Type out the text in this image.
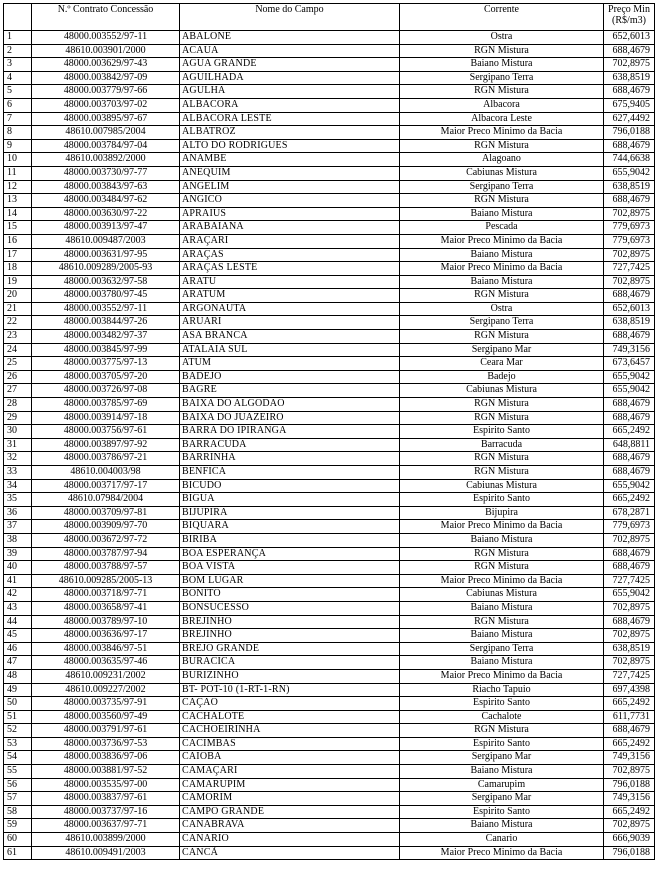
	N.º Contrato Concessão	Nome do Campo	Corrente	Preço Min
(R$/m3)
1	48000.003552/97-11	ABALONE	Ostra	652,6013
2	48610.003901/2000	ACAUA	RGN Mistura	688,4679
3	48000.003629/97-43	AGUA GRANDE	Baiano Mistura	702,8975
4	48000.003842/97-09	AGUILHADA	Sergipano Terra	638,8519
5	48000.003779/97-66	AGULHA	RGN Mistura	688,4679
6	48000.003703/97-02	ALBACORA	Albacora	675,9405
7	48000.003895/97-67	ALBACORA LESTE	Albacora Leste	627,4492
8	48610.007985/2004	ALBATROZ	Maior Preco Minimo da Bacia	796,0188
9	48000.003784/97-04	ALTO DO RODRIGUES	RGN Mistura	688,4679
10	48610.003892/2000	ANAMBE	Alagoano	744,6638
11	48000.003730/97-77	ANEQUIM	Cabiunas Mistura	655,9042
12	48000.003843/97-63	ANGELIM	Sergipano Terra	638,8519
13	48000.003484/97-62	ANGICO	RGN Mistura	688,4679
14	48000.003630/97-22	APRAIUS	Baiano Mistura	702,8975
15	48000.003913/97-47	ARABAIANA	Pescada	779,6973
16	48610.009487/2003	ARAÇARI	Maior Preco Minimo da Bacia	779,6973
17	48000.003631/97-95	ARAÇAS	Baiano Mistura	702,8975
18	48610.009289/2005-93	ARAÇAS LESTE	Maior Preco Minimo da Bacia	727,7425
19	48000.003632/97-58	ARATU	Baiano Mistura	702,8975
20	48000.003780/97-45	ARATUM	RGN Mistura	688,4679
21	48000.003552/97-11	ARGONAUTA	Ostra	652,6013
22	48000.003844/97-26	ARUARI	Sergipano Terra	638,8519
23	48000.003482/97-37	ASA BRANCA	RGN Mistura	688,4679
24	48000.003845/97-99	ATALAIA SUL	Sergipano Mar	749,3156
25	48000.003775/97-13	ATUM	Ceara Mar	673,6457
26	48000.003705/97-20	BADEJO	Badejo	655,9042
27	48000.003726/97-08	BAGRE	Cabiunas Mistura	655,9042
28	48000.003785/97-69	BAIXA DO ALGODAO	RGN Mistura	688,4679
29	48000.003914/97-18	BAIXA DO JUAZEIRO	RGN Mistura	688,4679
30	48000.003756/97-61	BARRA DO IPIRANGA	Espirito Santo	665,2492
31	48000.003897/97-92	BARRACUDA	Barracuda	648,8811
32	48000.003786/97-21	BARRINHA	RGN Mistura	688,4679
33	48610.004003/98	BENFICA	RGN Mistura	688,4679
34	48000.003717/97-17	BICUDO	Cabiunas Mistura	655,9042
35	48610.07984/2004	BIGUA	Espirito Santo	665,2492
36	48000.003709/97-81	BIJUPIRA	Bijupira	678,2871
37	48000.003909/97-70	BIQUARA	Maior Preco Minimo da Bacia	779,6973
38	48000.003672/97-72	BIRIBA	Baiano Mistura	702,8975
39	48000.003787/97-94	BOA ESPERANÇA	RGN Mistura	688,4679
40	48000.003788/97-57	BOA VISTA	RGN Mistura	688,4679
41	48610.009285/2005-13	BOM LUGAR	Maior Preco Minimo da Bacia	727,7425
42	48000.003718/97-71	BONITO	Cabiunas Mistura	655,9042
43	48000.003658/97-41	BONSUCESSO	Baiano Mistura	702,8975
44	48000.003789/97-10	BREJINHO	RGN Mistura	688,4679
45	48000.003636/97-17	BREJINHO	Baiano Mistura	702,8975
46	48000.003846/97-51	BREJO GRANDE	Sergipano Terra	638,8519
47	48000.003635/97-46	BURACICA	Baiano Mistura	702,8975
48	48610.009231/2002	BURIZINHO	Maior Preco Minimo da Bacia	727,7425
49	48610.009227/2002	BT- POT-10 (1-RT-1-RN)	Riacho Tapuio	697,4398
50	48000.003735/97-91	CAÇAO	Espirito Santo	665,2492
51	48000.003560/97-49	CACHALOTE	Cachalote	611,7731
52	48000.003791/97-61	CACHOEIRINHA	RGN Mistura	688,4679
53	48000.003736/97-53	CACIMBAS	Espirito Santo	665,2492
54	48000.003836/97-06	CAIOBA	Sergipano Mar	749,3156
55	48000.003881/97-52	CAMAÇARI	Baiano Mistura	702,8975
56	48000.003535/97-00	CAMARUPIM	Camarupim	796,0188
57	48000.003837/97-61	CAMORIM	Sergipano Mar	749,3156
58	48000.003737/97-16	CAMPO GRANDE	Espirito Santo	665,2492
59	48000.003637/97-71	CANABRAVA	Baiano Mistura	702,8975
60	48610.003899/2000	CANARIO	Canario	666,9039
61	48610.009491/2003	CANCÃ	Maior Preco Minimo da Bacia	796,0188
